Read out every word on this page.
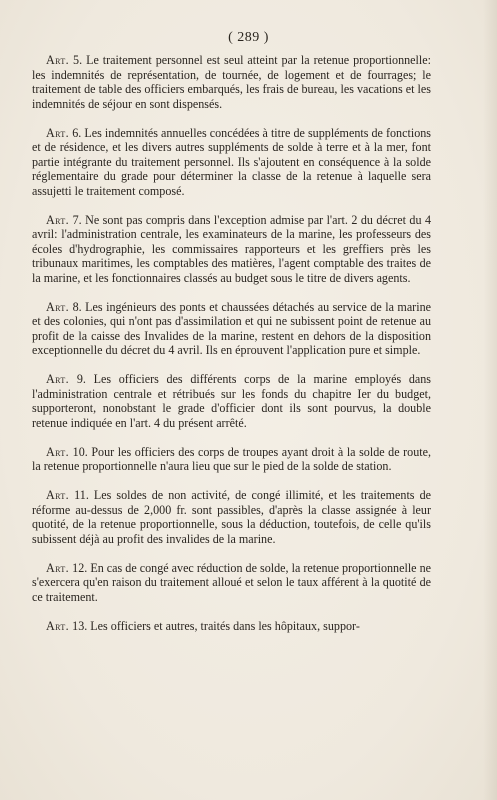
( 289 )

Art. 5. Le traitement personnel est seul atteint par la retenue proportionnelle: les indemnités de représentation, de tournée, de logement et de fourrages; le traitement de table des officiers embarqués, les frais de bureau, les vacations et les indemnités de séjour en sont dispensés.

Art. 6. Les indemnités annuelles concédées à titre de suppléments de fonctions et de résidence, et les divers autres suppléments de solde à terre et à la mer, font partie intégrante du traitement personnel. Ils s'ajoutent en conséquence à la solde réglementaire du grade pour déterminer la classe de la retenue à laquelle sera assujetti le traitement composé.

Art. 7. Ne sont pas compris dans l'exception admise par l'art. 2 du décret du 4 avril: l'administration centrale, les examinateurs de la marine, les professeurs des écoles d'hydrographie, les commissaires rapporteurs et les greffiers près les tribunaux maritimes, les comptables des matières, l'agent comptable des traites de la marine, et les fonctionnaires classés au budget sous le titre de divers agents.

Art. 8. Les ingénieurs des ponts et chaussées détachés au service de la marine et des colonies, qui n'ont pas d'assimilation et qui ne subissent point de retenue au profit de la caisse des Invalides de la marine, restent en dehors de la disposition exceptionnelle du décret du 4 avril. Ils en éprouvent l'application pure et simple.

Art. 9. Les officiers des différents corps de la marine employés dans l'administration centrale et rétribués sur les fonds du chapitre Ier du budget, supporteront, nonobstant le grade d'officier dont ils sont pourvus, la double retenue indiquée en l'art. 4 du présent arrêté.

Art. 10. Pour les officiers des corps de troupes ayant droit à la solde de route, la retenue proportionnelle n'aura lieu que sur le pied de la solde de station.

Art. 11. Les soldes de non activité, de congé illimité, et les traitements de réforme au-dessus de 2,000 fr. sont passibles, d'après la classe assignée à leur quotité, de la retenue proportionnelle, sous la déduction, toutefois, de celle qu'ils subissent déjà au profit des invalides de la marine.

Art. 12. En cas de congé avec réduction de solde, la retenue proportionnelle ne s'exercera qu'en raison du traitement alloué et selon le taux afférent à la quotité de ce traitement.

Art. 13. Les officiers et autres, traités dans les hôpitaux, suppor-
